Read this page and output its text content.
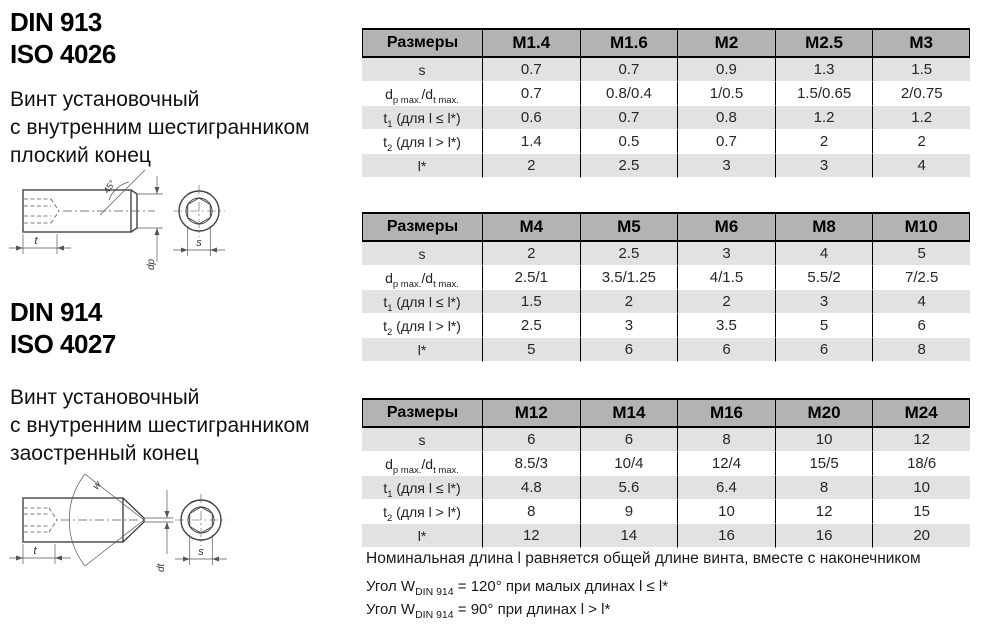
DIN 913
ISO 4026
Винт установочный
с внутренним шестигранником
плоский конец
45°
t
dp
s
DIN 914
ISO 4027
Винт установочный
с внутренним шестигранником
заостренный конец
w
t
dt
s
Размеры	M1.4	M1.6	M2	M2.5	M3
s	0.7	0.7	0.9	1.3	1.5
$d_{p max.}/d_{t max.}$	0.7	0.8/0.4	1/0.5	1.5/0.65	2/0.75
$t_1$ (для l ≤ l*)	0.6	0.7	0.8	1.2	1.2
$t_2$ (для l > l*)	1.4	0.5	0.7	2	2
l*	2	2.5	3	3	4
Размеры	M4	M5	M6	M8	M10
s	2	2.5	3	4	5
$d_{p max.}/d_{t max.}$	2.5/1	3.5/1.25	4/1.5	5.5/2	7/2.5
$t_1$ (для l ≤ l*)	1.5	2	2	3	4
$t_2$ (для l > l*)	2.5	3	3.5	5	6
l*	5	6	6	6	8
Размеры	M12	M14	M16	M20	M24
s	6	6	8	10	12
$d_{p max.}/d_{t max.}$	8.5/3	10/4	12/4	15/5	18/6
$t_1$ (для l ≤ l*)	4.8	5.6	6.4	8	10
$t_2$ (для l > l*)	8	9	10	12	15
l*	12	14	16	16	20
Номинальная длина l равняется общей длине винта, вместе с наконечником
Угол $W_{DIN 914} = 120^\circ$ при малых длинах l ≤ l*
Угол $W_{DIN 914} = 90^\circ$ при длинах l > l*
